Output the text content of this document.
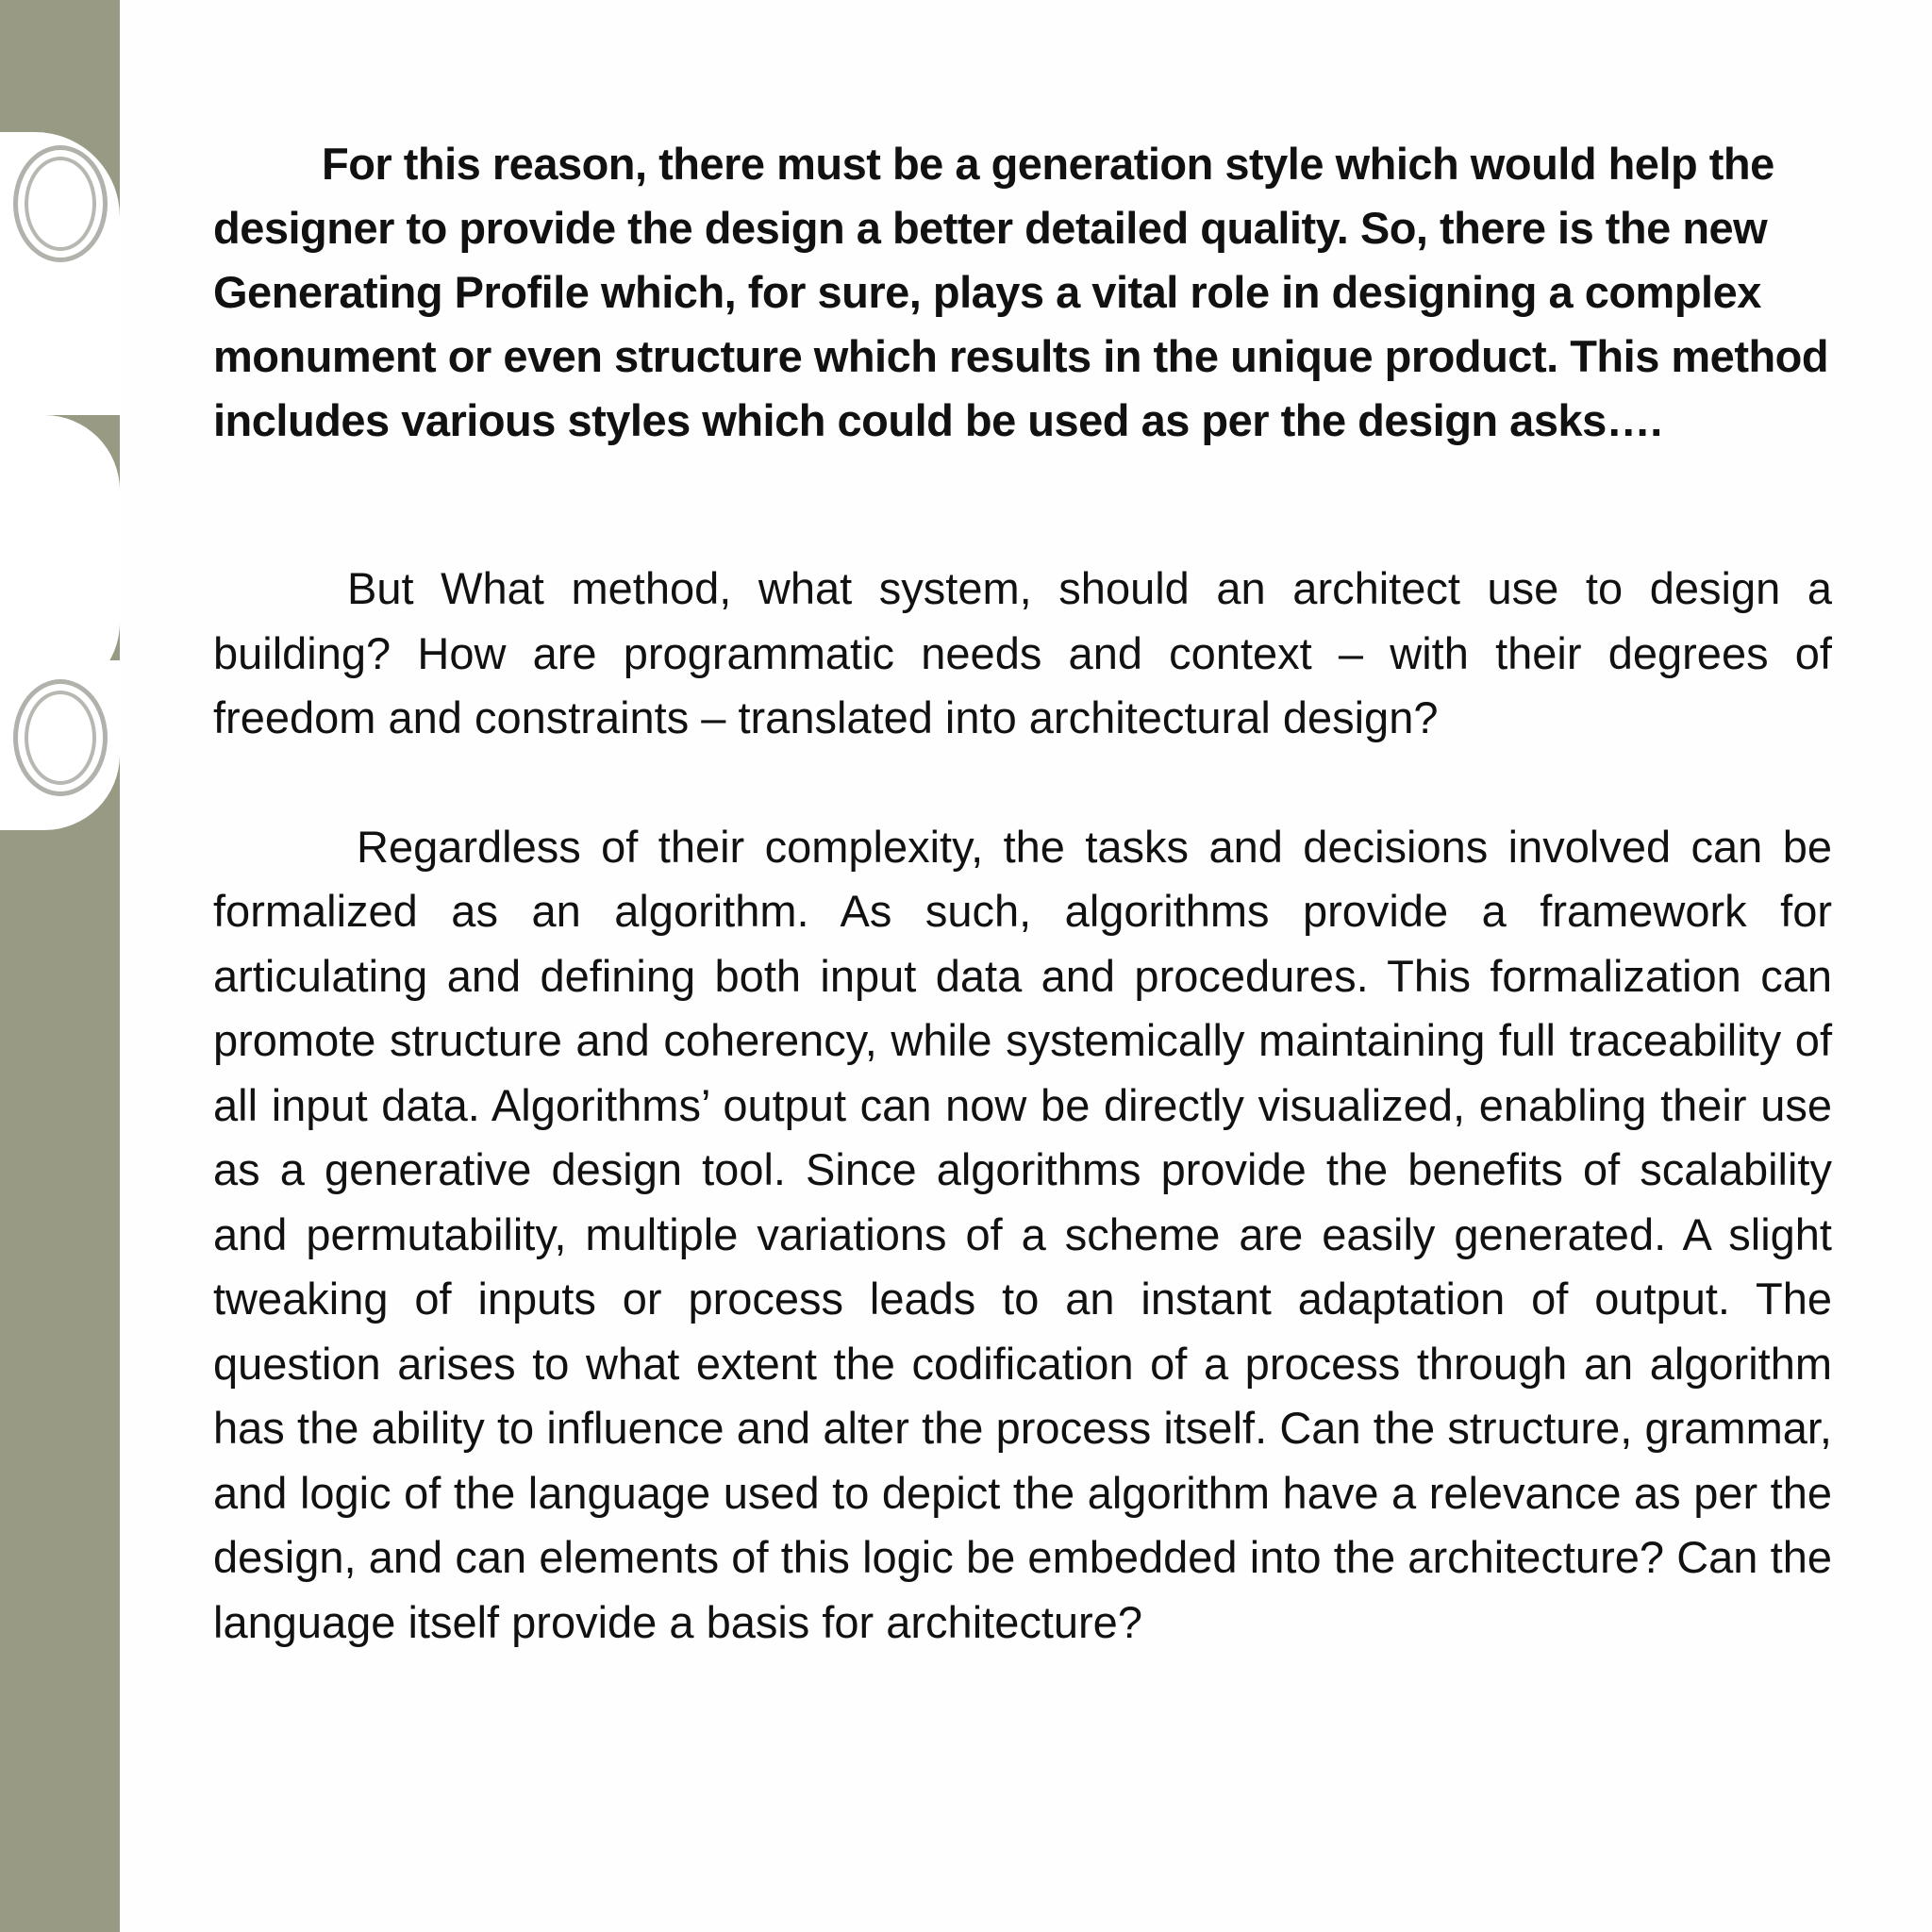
For this reason, there must be a generation style which would help the designer to provide the design a better detailed quality. So, there is the new Generating Profile which, for sure, plays a vital role in designing a complex monument or even structure which results in the unique product. This method includes various styles which could be used as per the design asks….

But What method, what system, should an architect use to design a building? How are programmatic needs and context – with their degrees of freedom and constraints – translated into architectural design?

Regardless of their complexity, the tasks and decisions involved can be formalized as an algorithm. As such, algorithms provide a framework for articulating and defining both input data and procedures. This formalization can promote structure and coherency, while systemically maintaining full traceability of all input data. Algorithms’ output can now be directly visualized, enabling their use as a generative design tool. Since algorithms provide the benefits of scalability and permutability, multiple variations of a scheme are easily generated. A slight tweaking of inputs or process leads to an instant adaptation of output. The question arises to what extent the codification of a process through an algorithm has the ability to influence and alter the process itself. Can the structure, grammar, and logic of the language used to depict the algorithm have a relevance as per the design, and can elements of this logic be embedded into the architecture? Can the language itself provide a basis for architecture?
